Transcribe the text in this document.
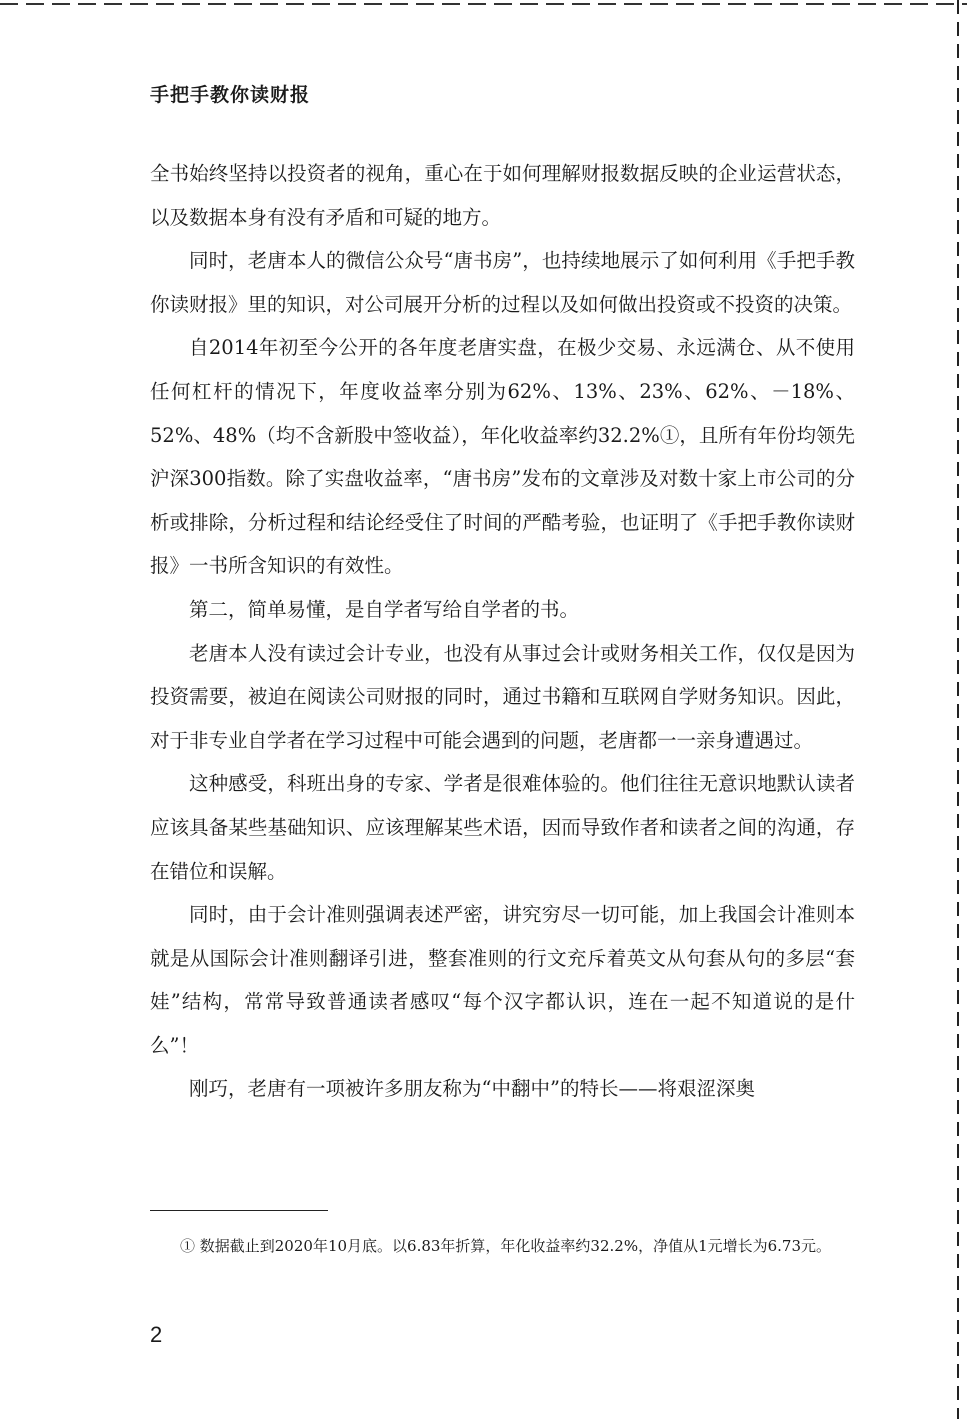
手把手教你读财报

全书始终坚持以投资者的视角，重心在于如何理解财报数据反映的企业运营状态，以及数据本身有没有矛盾和可疑的地方。

同时，老唐本人的微信公众号“唐书房”，也持续地展示了如何利用《手把手教你读财报》里的知识，对公司展开分析的过程以及如何做出投资或不投资的决策。

自2014年初至今公开的各年度老唐实盘，在极少交易、永远满仓、从不使用任何杠杆的情况下，年度收益率分别为62%、13%、23%、62%、－18%、52%、48%（均不含新股中签收益），年化收益率约32.2%①，且所有年份均领先沪深300指数。除了实盘收益率，“唐书房”发布的文章涉及对数十家上市公司的分析或排除，分析过程和结论经受住了时间的严酷考验，也证明了《手把手教你读财报》一书所含知识的有效性。

第二，简单易懂，是自学者写给自学者的书。

老唐本人没有读过会计专业，也没有从事过会计或财务相关工作，仅仅是因为投资需要，被迫在阅读公司财报的同时，通过书籍和互联网自学财务知识。因此，对于非专业自学者在学习过程中可能会遇到的问题，老唐都一一亲身遭遇过。

这种感受，科班出身的专家、学者是很难体验的。他们往往无意识地默认读者应该具备某些基础知识、应该理解某些术语，因而导致作者和读者之间的沟通，存在错位和误解。

同时，由于会计准则强调表述严密，讲究穷尽一切可能，加上我国会计准则本就是从国际会计准则翻译引进，整套准则的行文充斥着英文从句套从句的多层“套娃”结构，常常导致普通读者感叹“每个汉字都认识，连在一起不知道说的是什么”！

刚巧，老唐有一项被许多朋友称为“中翻中”的特长——将艰涩深奥

① 数据截止到2020年10月底。以6.83年折算，年化收益率约32.2%，净值从1元增长为6.73元。
2
